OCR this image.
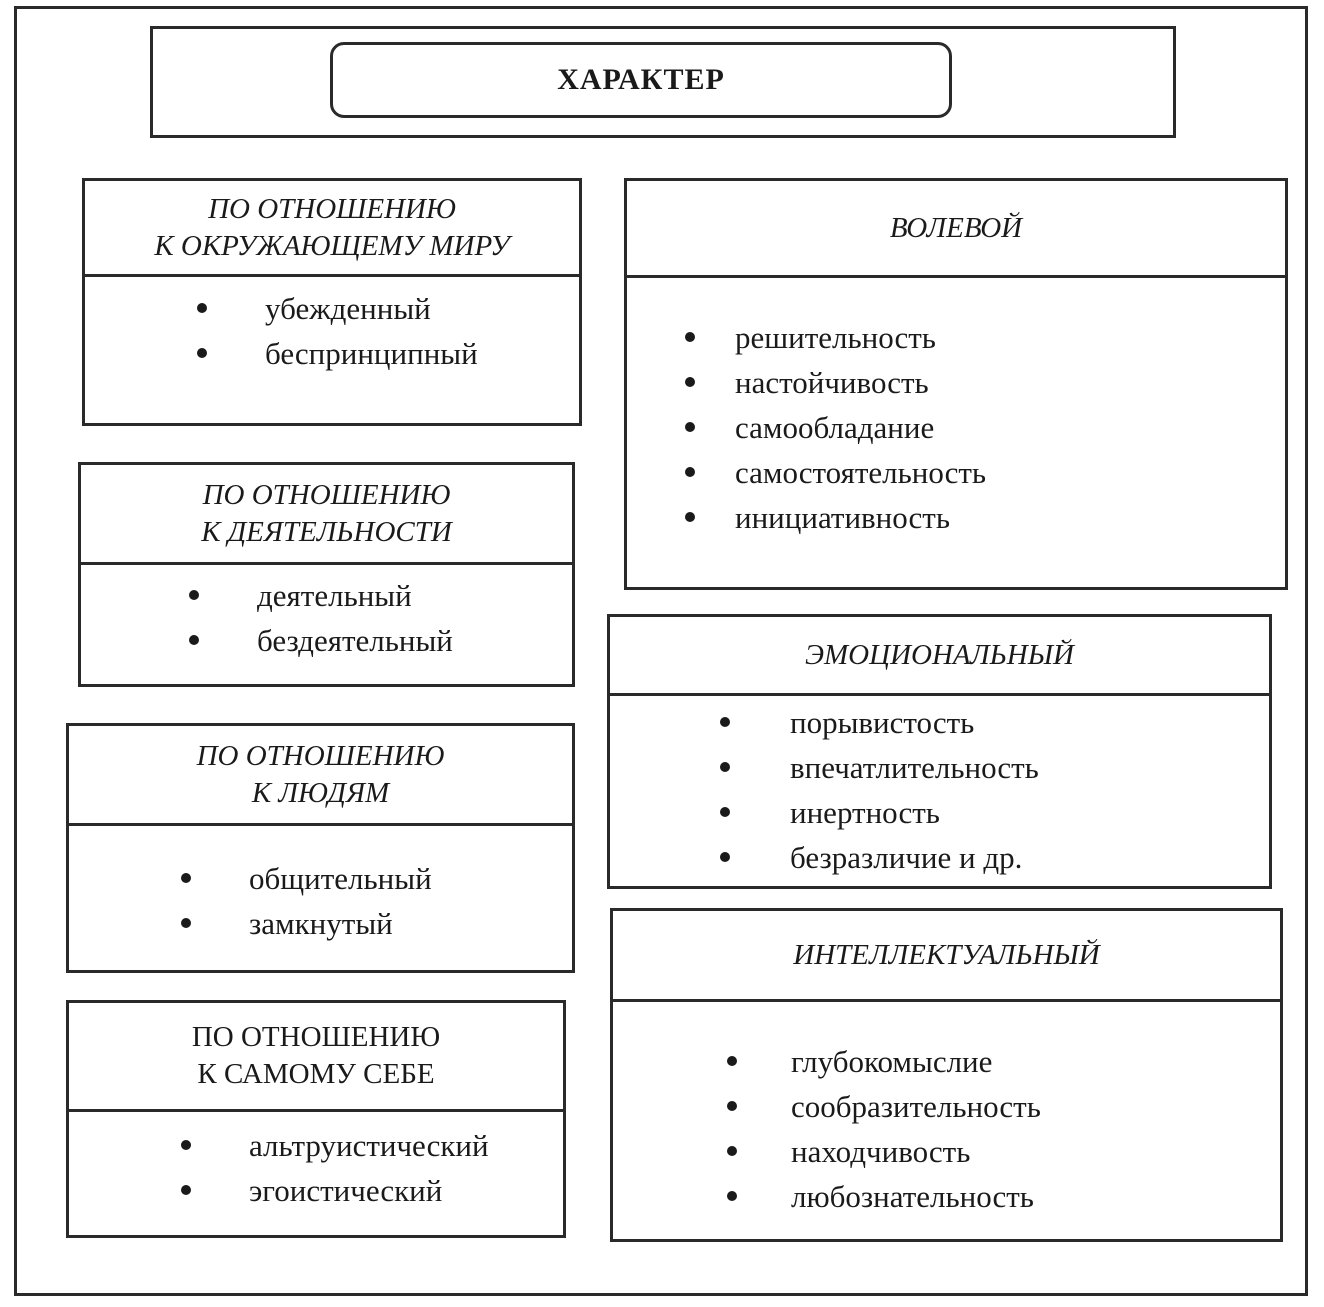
ХАРАКТЕР
ПО ОТНОШЕНИЮ
К ОКРУЖАЮЩЕМУ МИРУ
убежденный
беспринципный
ПО ОТНОШЕНИЮ
К ДЕЯТЕЛЬНОСТИ
деятельный
бездеятельный
ПО ОТНОШЕНИЮ
К ЛЮДЯМ
общительный
замкнутый
ПО ОТНОШЕНИЮ
К САМОМУ СЕБЕ
альтруистический
эгоистический
ВОЛЕВОЙ
решительность
настойчивость
самообладание
самостоятельность
инициативность
ЭМОЦИОНАЛЬНЫЙ
порывистость
впечатлительность
инертность
безразличие и др.
ИНТЕЛЛЕКТУАЛЬНЫЙ
глубокомыслие
сообразительность
находчивость
любознательность
